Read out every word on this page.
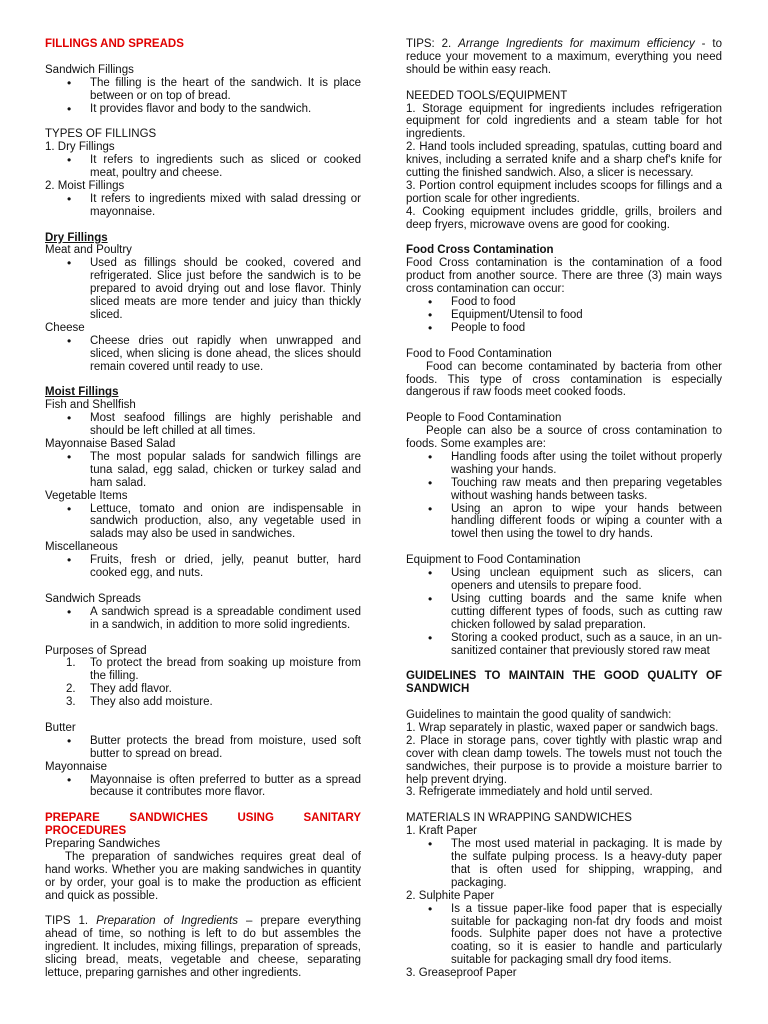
FILLINGS AND SPREADS

Sandwich Fillings

• The filling is the heart of the sandwich. It is place between or on top of bread.
• It provides flavor and body to the sandwich.

TYPES OF FILLINGS

1. Dry Fillings

• It refers to ingredients such as sliced or cooked meat, poultry and cheese.

2. Moist Fillings

• It refers to ingredients mixed with salad dressing or mayonnaise.

Dry Fillings

Meat and Poultry

• Used as fillings should be cooked, covered and refrigerated. Slice just before the sandwich is to be prepared to avoid drying out and lose flavor. Thinly sliced meats are more tender and juicy than thickly sliced.

Cheese

• Cheese dries out rapidly when unwrapped and sliced, when slicing is done ahead, the slices should remain covered until ready to use.

Moist Fillings

Fish and Shellfish

• Most seafood fillings are highly perishable and should be left chilled at all times.

Mayonnaise Based Salad

• The most popular salads for sandwich fillings are tuna salad, egg salad, chicken or turkey salad and ham salad.

Vegetable Items

• Lettuce, tomato and onion are indispensable in sandwich production, also, any vegetable used in salads may also be used in sandwiches.

Miscellaneous

• Fruits, fresh or dried, jelly, peanut butter, hard cooked egg, and nuts.

Sandwich Spreads

• A sandwich spread is a spreadable condiment used in a sandwich, in addition to more solid ingredients.

Purposes of Spread

1. To protect the bread from soaking up moisture from the filling.
2. They add flavor.
3. They also add moisture.

Butter

• Butter protects the bread from moisture, used soft butter to spread on bread.

Mayonnaise

• Mayonnaise is often preferred to butter as a spread because it contributes more flavor.

PREPARE SANDWICHES USING SANITARY PROCEDURES

Preparing Sandwiches

The preparation of sandwiches requires great deal of hand works. Whether you are making sandwiches in quantity or by order, your goal is to make the production as efficient and quick as possible.

TIPS 1. Preparation of Ingredients – prepare everything ahead of time, so nothing is left to do but assembles the ingredient. It includes, mixing fillings, preparation of spreads, slicing bread, meats, vegetable and cheese, separating lettuce, preparing garnishes and other ingredients.

TIPS: 2. Arrange Ingredients for maximum efficiency - to reduce your movement to a maximum, everything you need should be within easy reach.

NEEDED TOOLS/EQUIPMENT

1. Storage equipment for ingredients includes refrigeration equipment for cold ingredients and a steam table for hot ingredients.

2. Hand tools included spreading, spatulas, cutting board and knives, including a serrated knife and a sharp chef's knife for cutting the finished sandwich. Also, a slicer is necessary.

3. Portion control equipment includes scoops for fillings and a portion scale for other ingredients.

4. Cooking equipment includes griddle, grills, broilers and deep fryers, microwave ovens are good for cooking.

Food Cross Contamination

Food Cross contamination is the contamination of a food product from another source. There are three (3) main ways cross contamination can occur:

• Food to food
• Equipment/Utensil to food
• People to food

Food to Food Contamination

Food can become contaminated by bacteria from other foods. This type of cross contamination is especially dangerous if raw foods meet cooked foods.

People to Food Contamination

People can also be a source of cross contamination to foods. Some examples are:

• Handling foods after using the toilet without properly washing your hands.
• Touching raw meats and then preparing vegetables without washing hands between tasks.
• Using an apron to wipe your hands between handling different foods or wiping a counter with a towel then using the towel to dry hands.

Equipment to Food Contamination

• Using unclean equipment such as slicers, can openers and utensils to prepare food.
• Using cutting boards and the same knife when cutting different types of foods, such as cutting raw chicken followed by salad preparation.
• Storing a cooked product, such as a sauce, in an un-sanitized container that previously stored raw meat

GUIDELINES TO MAINTAIN THE GOOD QUALITY OF SANDWICH

Guidelines to maintain the good quality of sandwich:

1. Wrap separately in plastic, waxed paper or sandwich bags.

2. Place in storage pans, cover tightly with plastic wrap and cover with clean damp towels. The towels must not touch the sandwiches, their purpose is to provide a moisture barrier to help prevent drying.

3. Refrigerate immediately and hold until served.

MATERIALS IN WRAPPING SANDWICHES

1. Kraft Paper

• The most used material in packaging. It is made by the sulfate pulping process. Is a heavy-duty paper that is often used for shipping, wrapping, and packaging.

2. Sulphite Paper

• Is a tissue paper-like food paper that is especially suitable for packaging non-fat dry foods and moist foods. Sulphite paper does not have a protective coating, so it is easier to handle and particularly suitable for packaging small dry food items.

3. Greaseproof Paper
